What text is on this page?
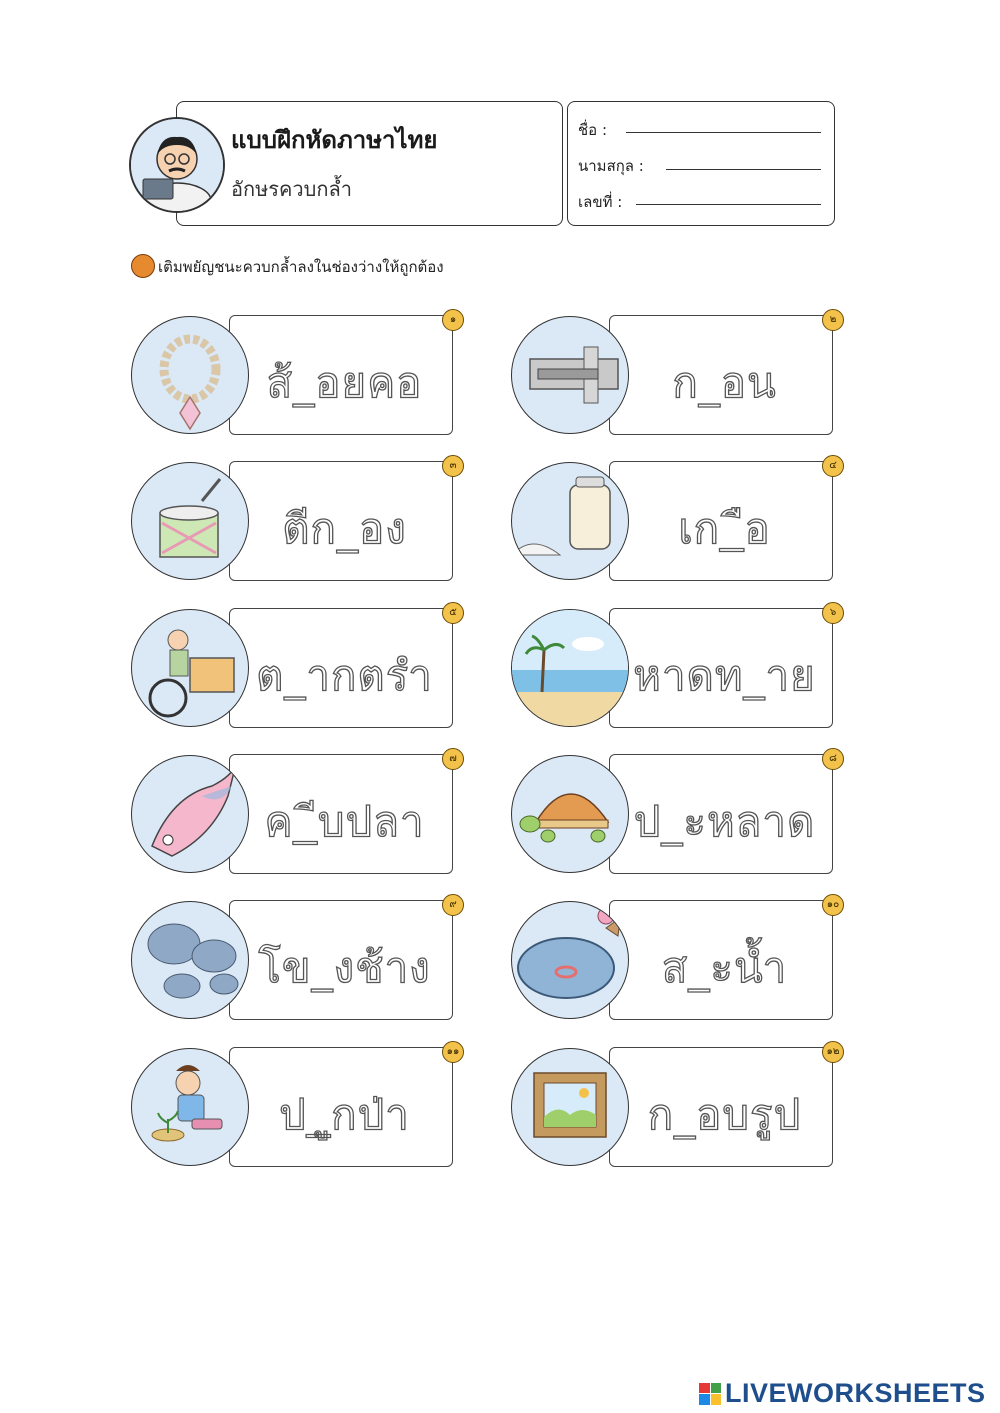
แบบฝึกหัดภาษาไทย
อักษรควบกล้ำ
ชื่อ :
นามสกุล :
เลขที่ :
เติมพยัญชนะควบกล้ำลงในช่องว่างให้ถูกต้อง
๑
ส้_อยคอ
๓
ตีก_อง
๕
ต_ากตรำ
๗
ค_ีบปลา
๙
โข_งช้าง
๑๑
ป_ูกป่า
๒
ก_อน
๔
เก_ือ
๖
หาดท_าย
๘
ป_ะหลาด
๑๐
ส_ะน้ำ
๑๒
ก_อบรูป
LIVEWORKSHEETS
